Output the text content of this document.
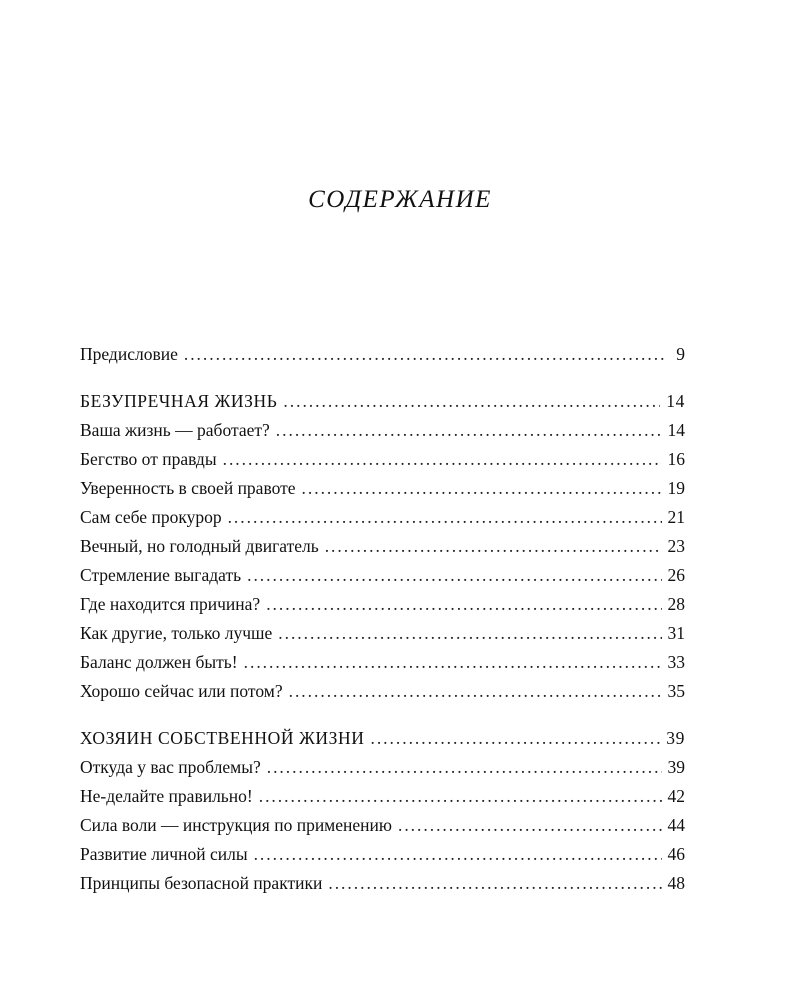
СОДЕРЖАНИЕ
Предисловие . . .	9
БЕЗУПРЕЧНАЯ ЖИЗНЬ . . .	14
Ваша жизнь — работает? . . .	14
Бегство от правды . . .	16
Уверенность в своей правоте . . .	19
Сам себе прокурор . . .	21
Вечный, но голодный двигатель . . .	23
Стремление выгадать . . .	26
Где находится причина? . . .	28
Как другие, только лучше . . .	31
Баланс должен быть! . . .	33
Хорошо сейчас или потом? . . .	35
ХОЗЯИН СОБСТВЕННОЙ ЖИЗНИ . . .	39
Откуда у вас проблемы? . . .	39
Не-делайте правильно! . . .	42
Сила воли — инструкция по применению . . .	44
Развитие личной силы . . .	46
Принципы безопасной практики . . .	48
